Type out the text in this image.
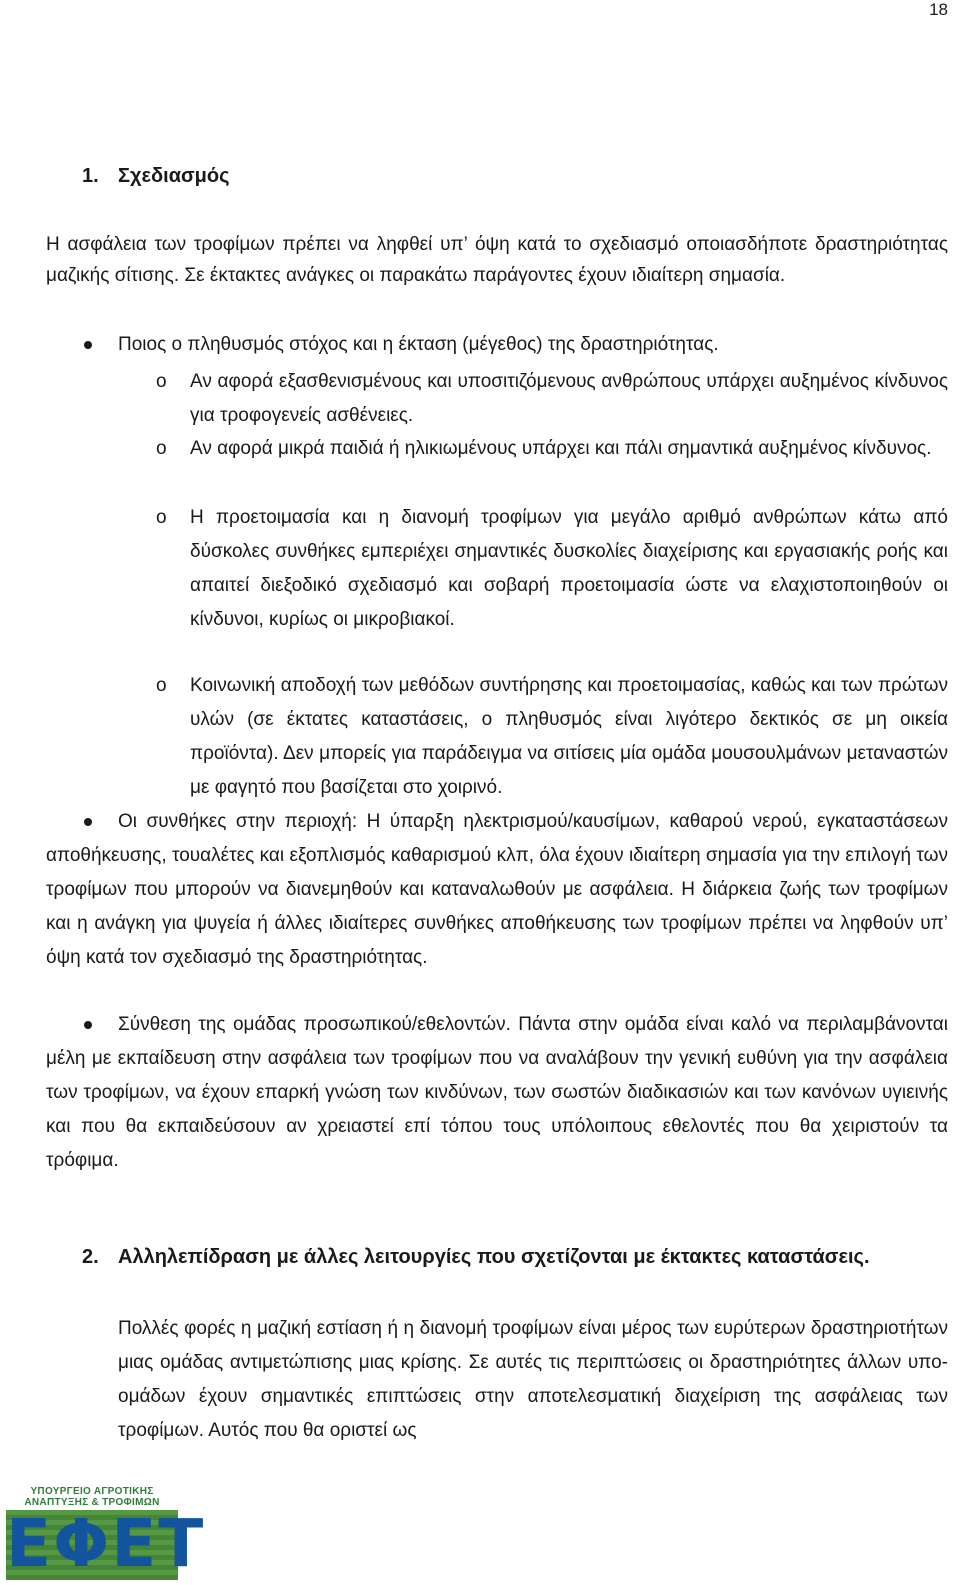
18
1. Σχεδιασμός
Η ασφάλεια των τροφίμων πρέπει να ληφθεί υπ’ όψη κατά το σχεδιασμό οποιασδήποτε δραστηριότητας μαζικής σίτισης. Σε έκτακτες ανάγκες οι παρακάτω παράγοντες έχουν ιδιαίτερη σημασία.
Ποιος ο πληθυσμός στόχος και η έκταση (μέγεθος) της δραστηριότητας.
o Αν αφορά εξασθενισμένους και υποσιτιζόμενους ανθρώπους υπάρχει αυξημένος κίνδυνος για τροφογενείς ασθένειες.
o Αν αφορά μικρά παιδιά ή ηλικιωμένους υπάρχει και πάλι σημαντικά αυξημένος κίνδυνος.
o Η προετοιμασία και η διανομή τροφίμων για μεγάλο αριθμό ανθρώπων κάτω από δύσκολες συνθήκες εμπεριέχει σημαντικές δυσκολίες διαχείρισης και εργασιακής ροής και απαιτεί διεξοδικό σχεδιασμό και σοβαρή προετοιμασία ώστε να ελαχιστοποιηθούν οι κίνδυνοι, κυρίως οι μικροβιακοί.
o Κοινωνική αποδοχή των μεθόδων συντήρησης και προετοιμασίας, καθώς και των πρώτων υλών (σε έκτατες καταστάσεις, ο πληθυσμός είναι λιγότερο δεκτικός σε μη οικεία προϊόντα). Δεν μπορείς για παράδειγμα να σιτίσεις μία ομάδα μουσουλμάνων μεταναστών με φαγητό που βασίζεται στο χοιρινό.
Οι συνθήκες στην περιοχή: Η ύπαρξη ηλεκτρισμού/καυσίμων, καθαρού νερού, εγκαταστάσεων αποθήκευσης, τουαλέτες και εξοπλισμός καθαρισμού κλπ, όλα έχουν ιδιαίτερη σημασία για την επιλογή των τροφίμων που μπορούν να διανεμηθούν και καταναλωθούν με ασφάλεια. Η διάρκεια ζωής των τροφίμων και η ανάγκη για ψυγεία ή άλλες ιδιαίτερες συνθήκες αποθήκευσης των τροφίμων πρέπει να ληφθούν υπ’ όψη κατά τον σχεδιασμό της δραστηριότητας.
Σύνθεση της ομάδας προσωπικού/εθελοντών. Πάντα στην ομάδα είναι καλό να περιλαμβάνονται μέλη με εκπαίδευση στην ασφάλεια των τροφίμων που να αναλάβουν την γενική ευθύνη για την ασφάλεια των τροφίμων, να έχουν επαρκή γνώση των κινδύνων, των σωστών διαδικασιών και των κανόνων υγιεινής και που θα εκπαιδεύσουν αν χρειαστεί επί τόπου τους υπόλοιπους εθελοντές που θα χειριστούν τα τρόφιμα.
2. Αλληλεπίδραση με άλλες λειτουργίες που σχετίζονται με έκτακτες καταστάσεις.
Πολλές φορές η μαζική εστίαση ή η διανομή τροφίμων είναι μέρος των ευρύτερων δραστηριοτήτων μιας ομάδας αντιμετώπισης μιας κρίσης. Σε αυτές τις περιπτώσεις οι δραστηριότητες άλλων υπο-ομάδων έχουν σημαντικές επιπτώσεις στην αποτελεσματική διαχείριση της ασφάλειας των τροφίμων. Αυτός που θα οριστεί ως
ΥΠΟΥΡΓΕΙΟ ΑΓΡΟΤΙΚΗΣ ΑΝΑΠΤΥΞΗΣ & ΤΡΟΦΙΜΩΝ
ΕΦΕΤ
